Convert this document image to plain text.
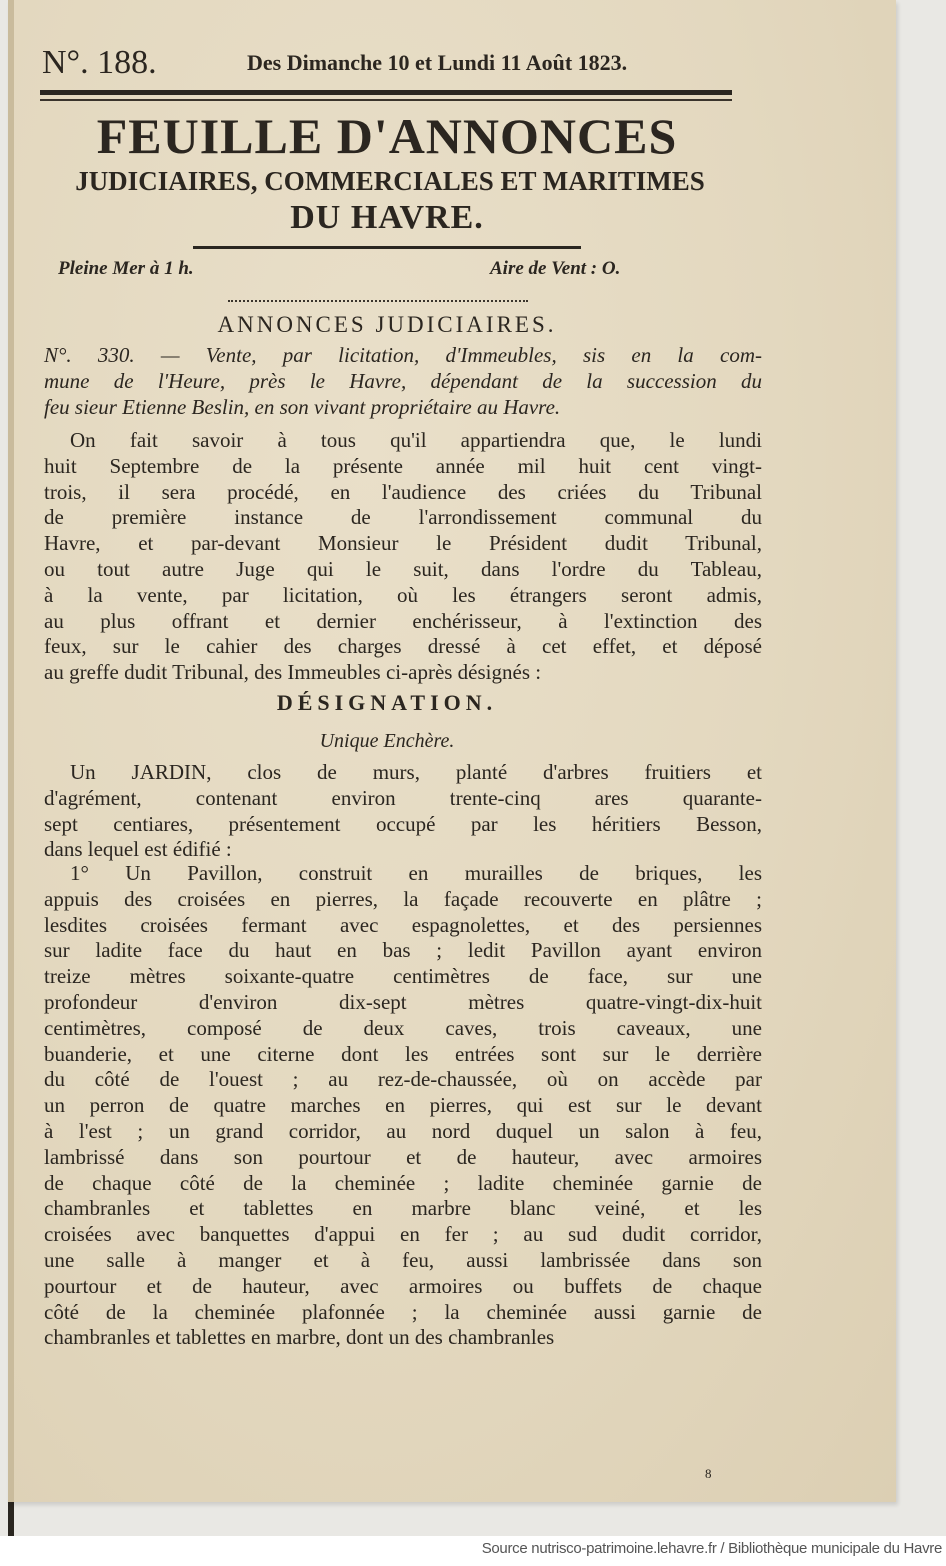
N°. 188.	Des Dimanche 10 et Lundi 11 Août 1823.
FEUILLE D'ANNONCES
JUDICIAIRES, COMMERCIALES ET MARITIMES
DU HAVRE.
Pleine Mer à 1 h.	Aire de Vent : O.
ANNONCES JUDICIAIRES.
N°. 330. — Vente, par licitation, d'Immeubles, sis en la com-
mune de l'Heure, près le Havre, dépendant de la succession du
feu sieur Etienne Beslin, en son vivant propriétaire au Havre.
On fait savoir à tous qu'il appartiendra que, le lundi
huit Septembre de la présente année mil huit cent vingt-
trois, il sera procédé, en l'audience des criées du Tribunal
de première instance de l'arrondissement communal du
Havre, et par-devant Monsieur le Président dudit Tribunal,
ou tout autre Juge qui le suit, dans l'ordre du Tableau,
à la vente, par licitation, où les étrangers seront admis,
au plus offrant et dernier enchérisseur, à l'extinction des
feux, sur le cahier des charges dressé à cet effet, et déposé
au greffe dudit Tribunal, des Immeubles ci-après désignés :
DÉSIGNATION.
Unique Enchère.
Un JARDIN, clos de murs, planté d'arbres fruitiers et
d'agrément, contenant environ trente-cinq ares quarante-
sept centiares, présentement occupé par les héritiers Besson,
dans lequel est édifié :
1° Un Pavillon, construit en murailles de briques, les
appuis des croisées en pierres, la façade recouverte en plâtre ;
lesdites croisées fermant avec espagnolettes, et des persiennes
sur ladite face du haut en bas ; ledit Pavillon ayant environ
treize mètres soixante-quatre centimètres de face, sur une
profondeur d'environ dix-sept mètres quatre-vingt-dix-huit
centimètres, composé de deux caves, trois caveaux, une
buanderie, et une citerne dont les entrées sont sur le derrière
du côté de l'ouest ; au rez-de-chaussée, où on accède par
un perron de quatre marches en pierres, qui est sur le devant
à l'est ; un grand corridor, au nord duquel un salon à feu,
lambrissé dans son pourtour et de hauteur, avec armoires
de chaque côté de la cheminée ; ladite cheminée garnie de
chambranles et tablettes en marbre blanc veiné, et les
croisées avec banquettes d'appui en fer ; au sud dudit corridor,
une salle à manger et à feu, aussi lambrissée dans son
pourtour et de hauteur, avec armoires ou buffets de chaque
côté de la cheminée plafonnée ; la cheminée aussi garnie de
chambranles et tablettes en marbre, dont un des chambranles
8
Source nutrisco-patrimoine.lehavre.fr / Bibliothèque municipale du Havre
